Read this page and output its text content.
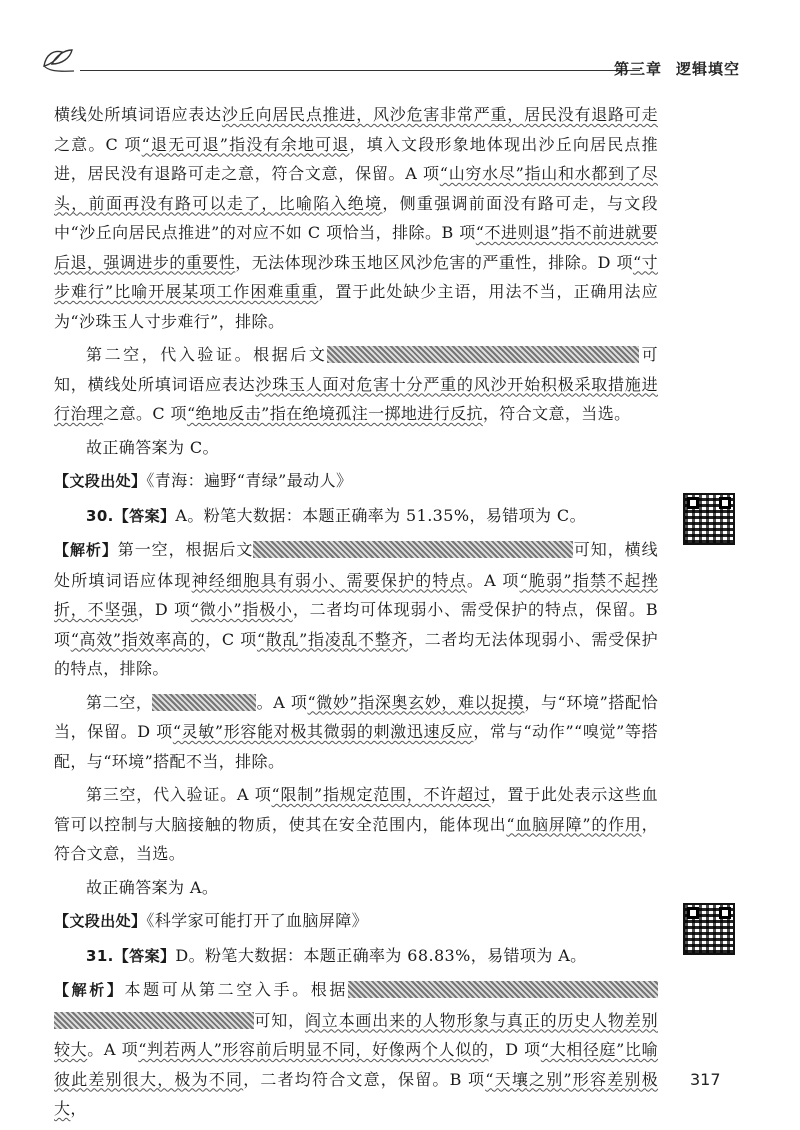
第三章 逻辑填空

横线处所填词语应表达沙丘向居民点推进，风沙危害非常严重，居民没有退路可走之意。C 项“退无可退”指没有余地可退，填入文段形象地体现出沙丘向居民点推进，居民没有退路可走之意，符合文意，保留。A 项“山穷水尽”指山和水都到了尽头，前面再没有路可以走了，比喻陷入绝境，侧重强调前面没有路可走，与文段中“沙丘向居民点推进”的对应不如 C 项恰当，排除。B 项“不进则退”指不前进就要后退，强调进步的重要性，无法体现沙珠玉地区风沙危害的严重性，排除。D 项“寸步难行”比喻开展某项工作困难重重，置于此处缺少主语，用法不当，正确用法应为“沙珠玉人寸步难行”，排除。

第二空，代入验证。根据后文	可知，横线处所填词语应表达沙珠玉人面对危害十分严重的风沙开始积极采取措施进行治理之意。C 项“绝地反击”指在绝境孤注一掷地进行反抗，符合文意，当选。

故正确答案为 C。

【文段出处】《青海：遍野“青绿”最动人》

30.【答案】A。粉笔大数据：本题正确率为 51.35%，易错项为 C。

【解析】第一空，根据后文	可知，横线处所填词语应体现神经细胞具有弱小、需要保护的特点。A 项“脆弱”指禁不起挫折，不坚强，D 项“微小”指极小，二者均可体现弱小、需受保护的特点，保留。B 项“高效”指效率高的，C 项“散乱”指凌乱不整齐，二者均无法体现弱小、需受保护的特点，排除。

第二空，	。A 项“微妙”指深奥玄妙，难以捉摸，与“环境”搭配恰当，保留。D 项“灵敏”形容能对极其微弱的刺激迅速反应，常与“动作”“嗅觉”等搭配，与“环境”搭配不当，排除。

第三空，代入验证。A 项“限制”指规定范围，不许超过，置于此处表示这些血管可以控制与大脑接触的物质，使其在安全范围内，能体现出“血脑屏障”的作用，符合文意，当选。

故正确答案为 A。

【文段出处】《科学家可能打开了血脑屏障》

31.【答案】D。粉笔大数据：本题正确率为 68.83%，易错项为 A。

【解析】本题可从第二空入手。根据可知，阎立本画出来的人物形象与真正的历史人物差别较大。A 项“判若两人”形容前后明显不同，好像两个人似的，D 项“大相径庭”比喻彼此差别很大，极为不同，二者均符合文意，保留。B 项“天壤之别”形容差别极大，

317
